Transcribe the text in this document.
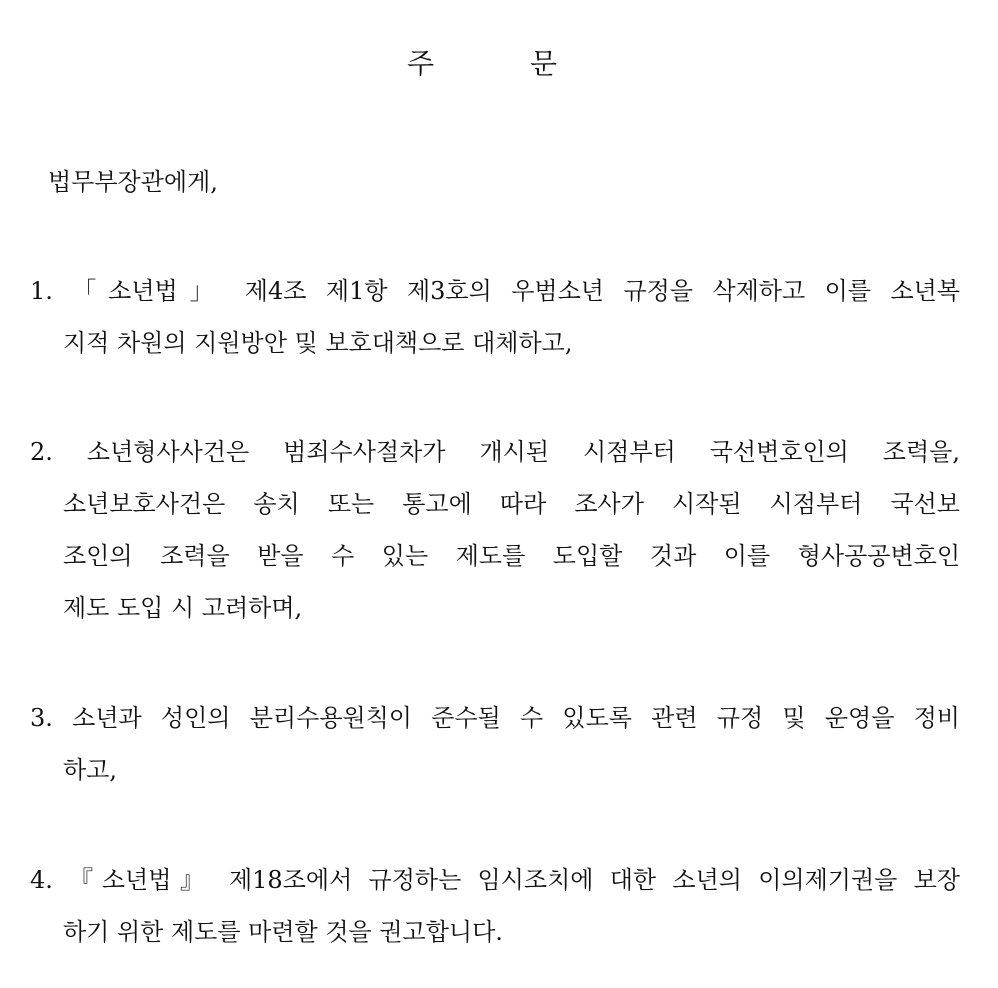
주	문
법무부장관에게,
1. 「소년법」 제4조 제1항 제3호의 우범소년 규정을 삭제하고 이를 소년복
지적 차원의 지원방안 및 보호대책으로 대체하고,
2. 소년형사사건은 범죄수사절차가 개시된 시점부터 국선변호인의 조력을,
소년보호사건은 송치 또는 통고에 따라 조사가 시작된 시점부터 국선보
조인의 조력을 받을 수 있는 제도를 도입할 것과 이를 형사공공변호인
제도 도입 시 고려하며,
3. 소년과 성인의 분리수용원칙이 준수될 수 있도록 관련 규정 및 운영을 정비
하고,
4. 『소년법』 제18조에서 규정하는 임시조치에 대한 소년의 이의제기권을 보장
하기 위한 제도를 마련할 것을 권고합니다.
